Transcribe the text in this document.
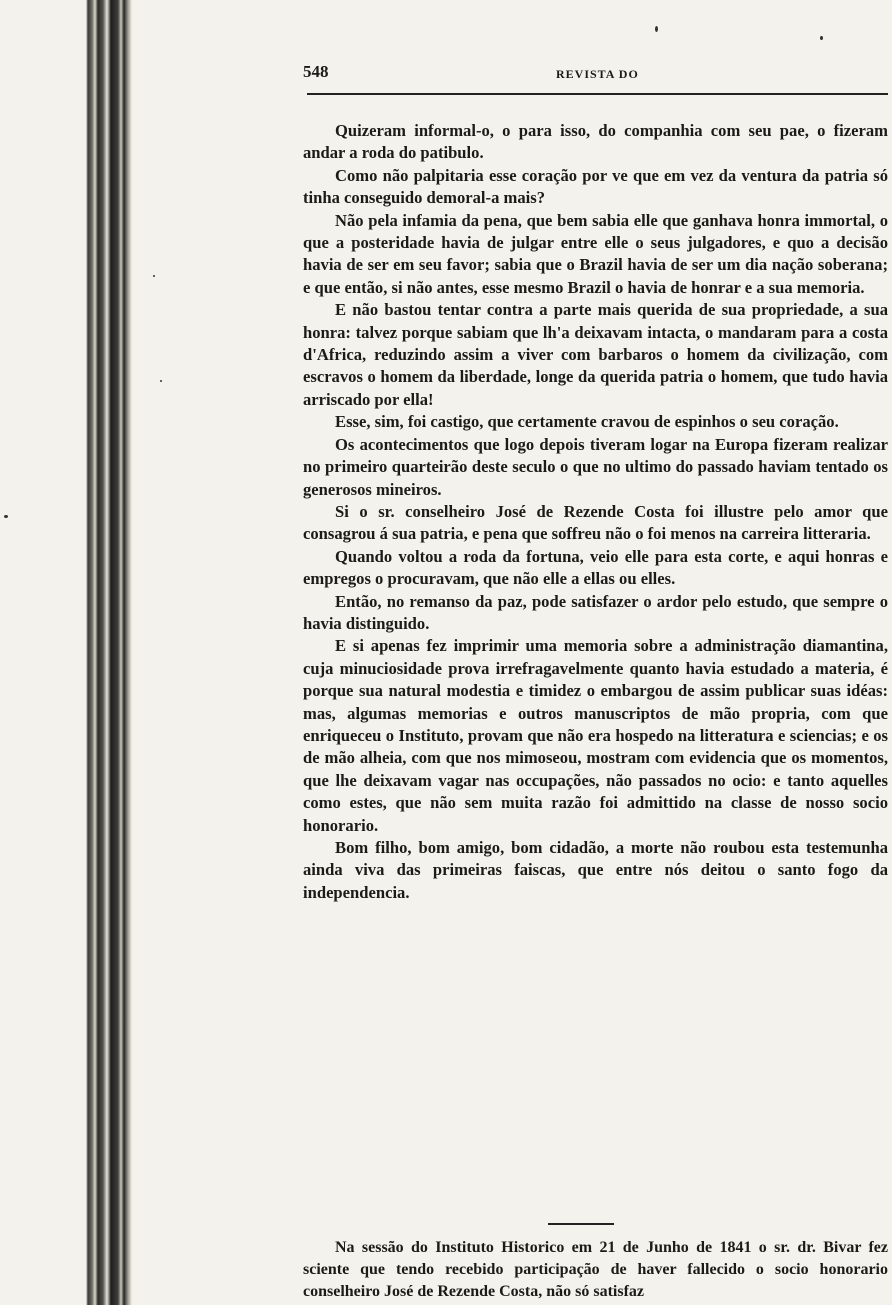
548	REVISTA DO

Quizeram informal-o, o para isso, do companhia com seu pae, o fizeram andar a roda do patibulo.

Como não palpitaria esse coração por ve que em vez da ventura da patria só tinha conseguido demoral-a mais?

Não pela infamia da pena, que bem sabia elle que ganhava honra immortal, o que a posteridade havia de julgar entre elle o seus julgadores, e quo a decisão havia de ser em seu favor; sabia que o Brazil havia de ser um dia nação soberana; e que então, si não antes, esse mesmo Brazil o havia de honrar e a sua memoria.

E não bastou tentar contra a parte mais querida de sua propriedade, a sua honra: talvez porque sabiam que lh'a deixavam intacta, o mandaram para a costa d'Africa, reduzindo assim a viver com barbaros o homem da civilização, com escravos o homem da liberdade, longe da querida patria o homem, que tudo havia arriscado por ella!

Esse, sim, foi castigo, que certamente cravou de espinhos o seu coração.

Os acontecimentos que logo depois tiveram logar na Europa fizeram realizar no primeiro quarteirão deste seculo o que no ultimo do passado haviam tentado os generosos mineiros.

Si o sr. conselheiro José de Rezende Costa foi illustre pelo amor que consagrou á sua patria, e pena que soffreu não o foi menos na carreira litteraria.

Quando voltou a roda da fortuna, veio elle para esta corte, e aqui honras e empregos o procuravam, que não elle a ellas ou elles.

Então, no remanso da paz, pode satisfazer o ardor pelo estudo, que sempre o havia distinguido.

E si apenas fez imprimir uma memoria sobre a administração diamantina, cuja minuciosidade prova irrefragavelmente quanto havia estudado a materia, é porque sua natural modestia e timidez o embargou de assim publicar suas idéas: mas, algumas memorias e outros manuscriptos de mão propria, com que enriqueceu o Instituto, provam que não era hospedo na litteratura e sciencias; e os de mão alheia, com que nos mimoseou, mostram com evidencia que os momentos, que lhe deixavam vagar nas occupações, não passados no ocio: e tanto aquelles como estes, que não sem muita razão foi admittido na classe de nosso socio honorario.

Bom filho, bom amigo, bom cidadão, a morte não roubou esta testemunha ainda viva das primeiras faiscas, que entre nós deitou o santo fogo da independencia.

Na sessão do Instituto Historico em 21 de Junho de 1841 o sr. dr. Bivar fez sciente que tendo recebido participação de haver fallecido o socio honorario conselheiro José de Rezende Costa, não só satisfaz
